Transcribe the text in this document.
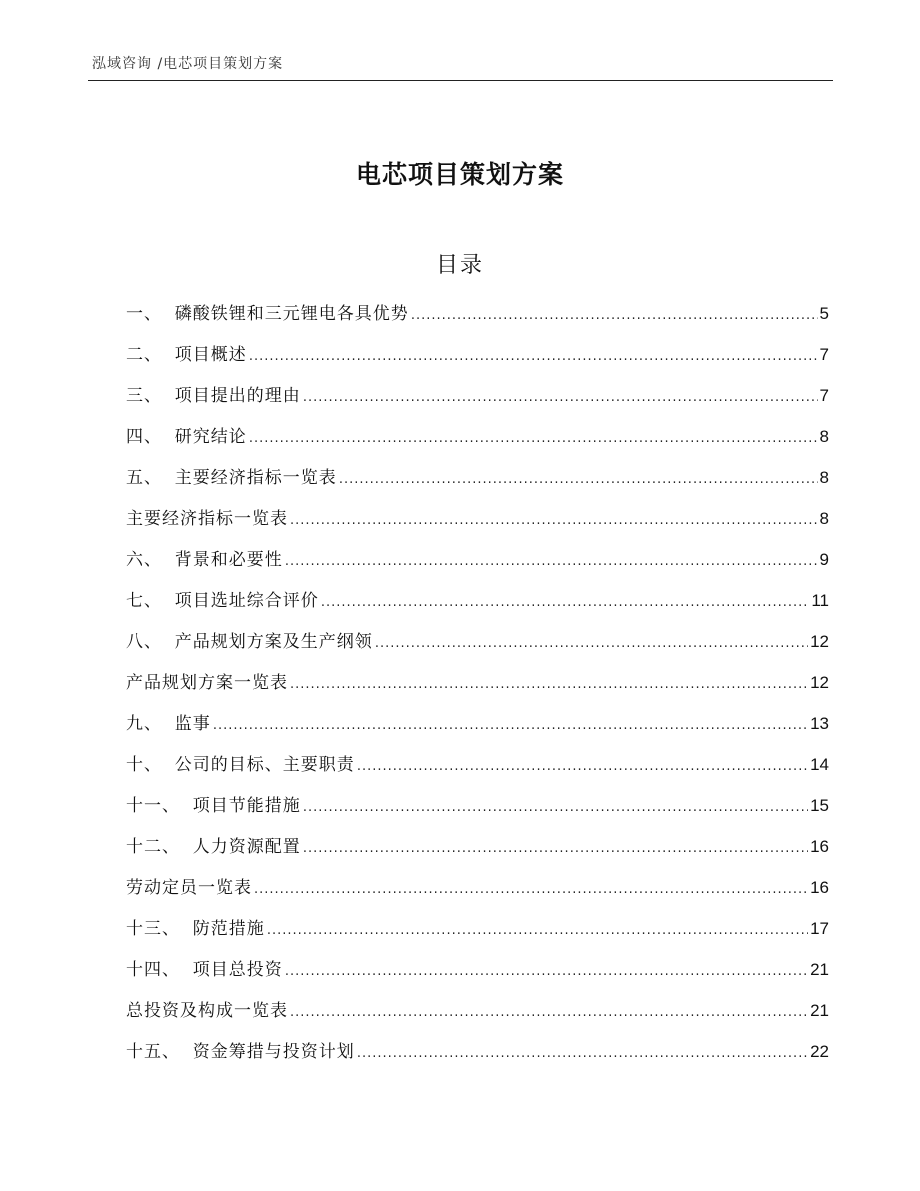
泓域咨询 /电芯项目策划方案
电芯项目策划方案
目录
一、  磷酸铁锂和三元锂电各具优势 .....	5
二、  项目概述 .....	7
三、  项目提出的理由 .....	7
四、  研究结论 .....	8
五、  主要经济指标一览表 .....	8
主要经济指标一览表 .....	8
六、  背景和必要性 .....	9
七、  项目选址综合评价 .....	11
八、  产品规划方案及生产纲领 .....	12
产品规划方案一览表 .....	12
九、  监事 .....	13
十、  公司的目标、主要职责 .....	14
十一、  项目节能措施 .....	15
十二、  人力资源配置 .....	16
劳动定员一览表 .....	16
十三、  防范措施 .....	17
十四、  项目总投资 .....	21
总投资及构成一览表 .....	21
十五、  资金筹措与投资计划 .....	22
